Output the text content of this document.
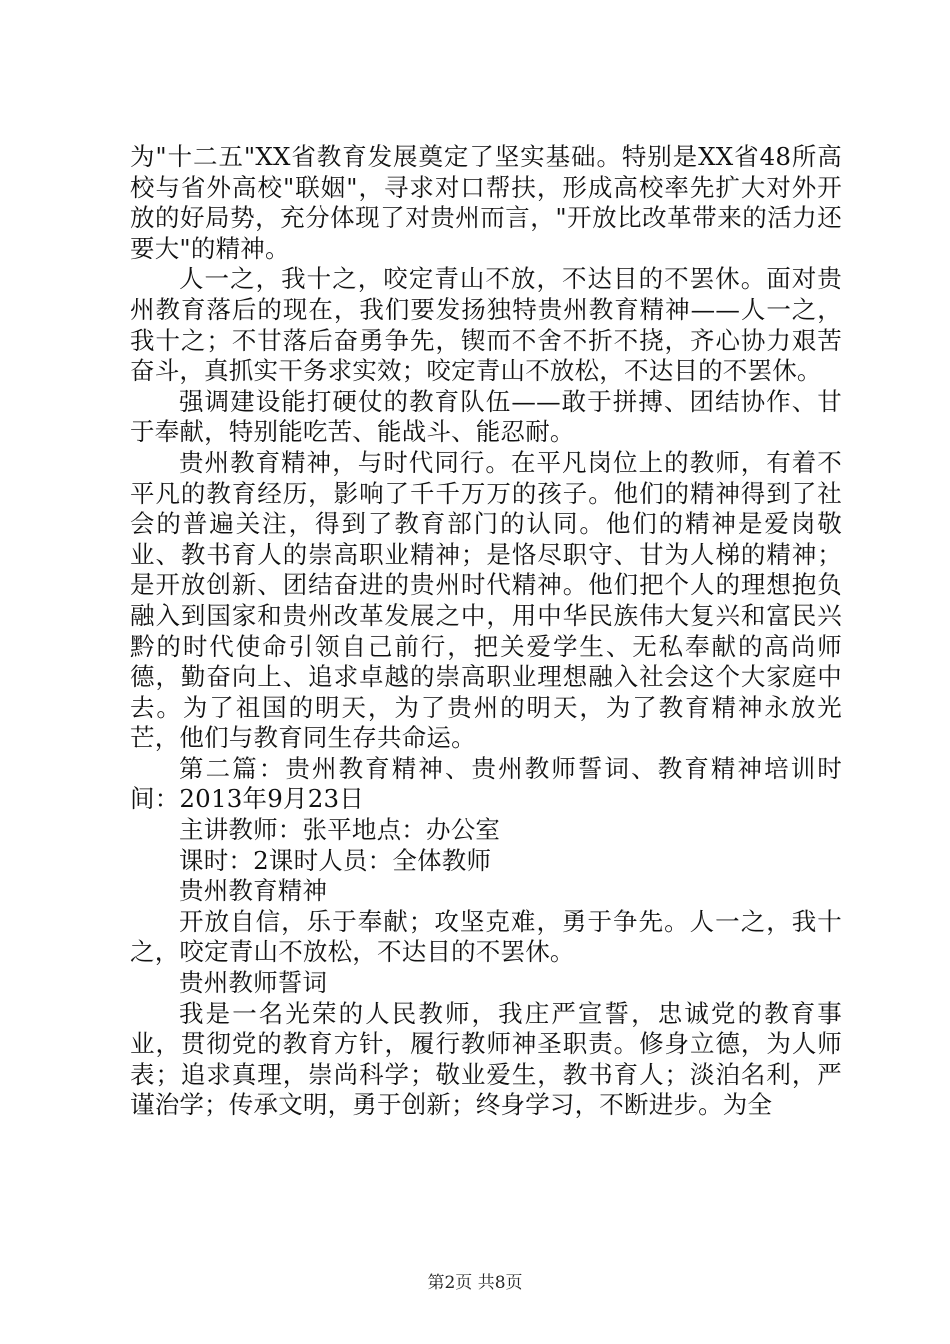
为"十二五"XX省教育发展奠定了坚实基础。特别是XX省48所高校与省外高校"联姻"，寻求对口帮扶，形成高校率先扩大对外开放的好局势，充分体现了对贵州而言，"开放比改革带来的活力还要大"的精神。

人一之，我十之，咬定青山不放，不达目的不罢休。面对贵州教育落后的现在，我们要发扬独特贵州教育精神——人一之，我十之；不甘落后奋勇争先，锲而不舍不折不挠，齐心协力艰苦奋斗，真抓实干务求实效；咬定青山不放松，不达目的不罢休。

强调建设能打硬仗的教育队伍——敢于拼搏、团结协作、甘于奉献，特别能吃苦、能战斗、能忍耐。

贵州教育精神，与时代同行。在平凡岗位上的教师，有着不平凡的教育经历，影响了千千万万的孩子。他们的精神得到了社会的普遍关注，得到了教育部门的认同。他们的精神是爱岗敬业、教书育人的崇高职业精神；是恪尽职守、甘为人梯的精神；是开放创新、团结奋进的贵州时代精神。他们把个人的理想抱负融入到国家和贵州改革发展之中，用中华民族伟大复兴和富民兴黔的时代使命引领自己前行，把关爱学生、无私奉献的高尚师德，勤奋向上、追求卓越的崇高职业理想融入社会这个大家庭中去。为了祖国的明天，为了贵州的明天，为了教育精神永放光芒，他们与教育同生存共命运。

第二篇：贵州教育精神、贵州教师誓词、教育精神培训时间：2013年9月23日

主讲教师：张平地点：办公室

课时：2课时人员：全体教师

贵州教育精神

开放自信，乐于奉献；攻坚克难，勇于争先。人一之，我十之，咬定青山不放松，不达目的不罢休。

贵州教师誓词

我是一名光荣的人民教师，我庄严宣誓，忠诚党的教育事业，贯彻党的教育方针，履行教师神圣职责。修身立德，为人师表；追求真理，崇尚科学；敬业爱生，教书育人；淡泊名利，严谨治学；传承文明，勇于创新；终身学习，不断进步。为全

第2页 共8页
